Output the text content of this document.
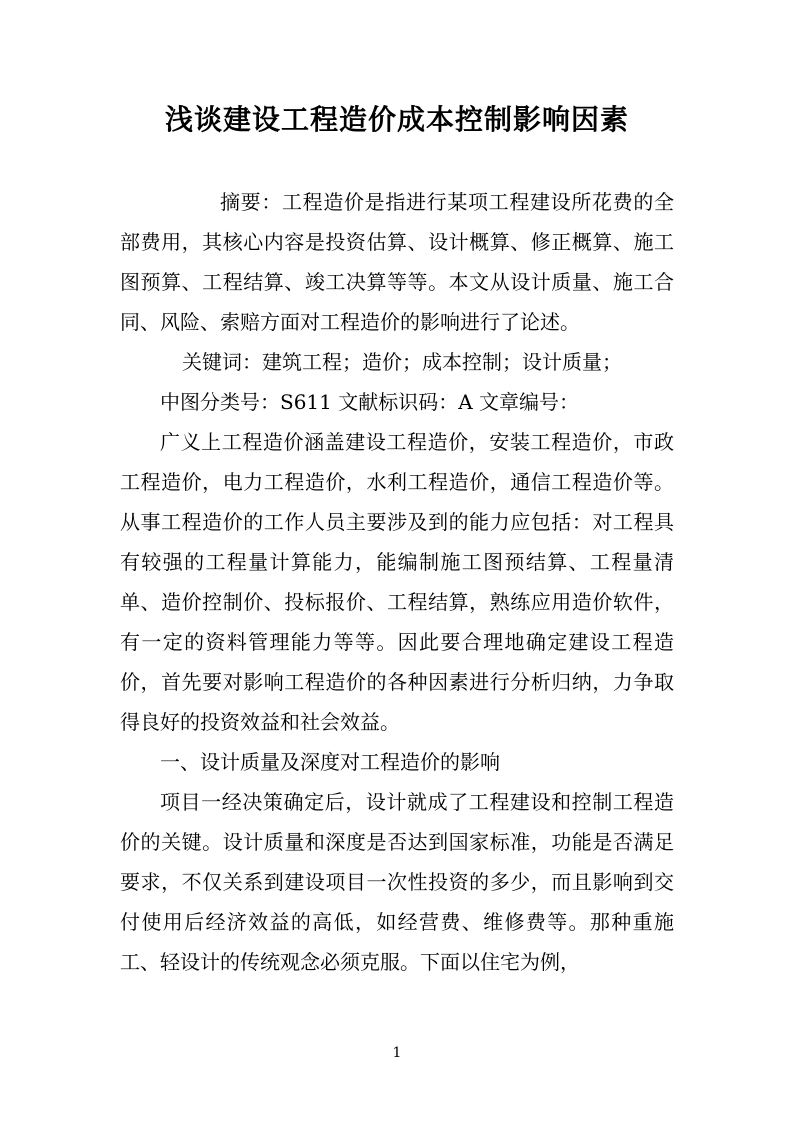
浅谈建设工程造价成本控制影响因素

摘要：工程造价是指进行某项工程建设所花费的全部费用，其核心内容是投资估算、设计概算、修正概算、施工图预算、工程结算、竣工决算等等。本文从设计质量、施工合同、风险、索赔方面对工程造价的影响进行了论述。

关键词：建筑工程；造价；成本控制；设计质量；

中图分类号：S611 文献标识码：A 文章编号：

广义上工程造价涵盖建设工程造价，安装工程造价，市政工程造价，电力工程造价，水利工程造价，通信工程造价等。从事工程造价的工作人员主要涉及到的能力应包括：对工程具有较强的工程量计算能力，能编制施工图预结算、工程量清单、造价控制价、投标报价、工程结算，熟练应用造价软件，有一定的资料管理能力等等。因此要合理地确定建设工程造价，首先要对影响工程造价的各种因素进行分析归纳，力争取得良好的投资效益和社会效益。

一、设计质量及深度对工程造价的影响

项目一经决策确定后，设计就成了工程建设和控制工程造价的关键。设计质量和深度是否达到国家标准，功能是否满足要求，不仅关系到建设项目一次性投资的多少，而且影响到交付使用后经济效益的高低，如经营费、维修费等。那种重施工、轻设计的传统观念必须克服。下面以住宅为例，

1
